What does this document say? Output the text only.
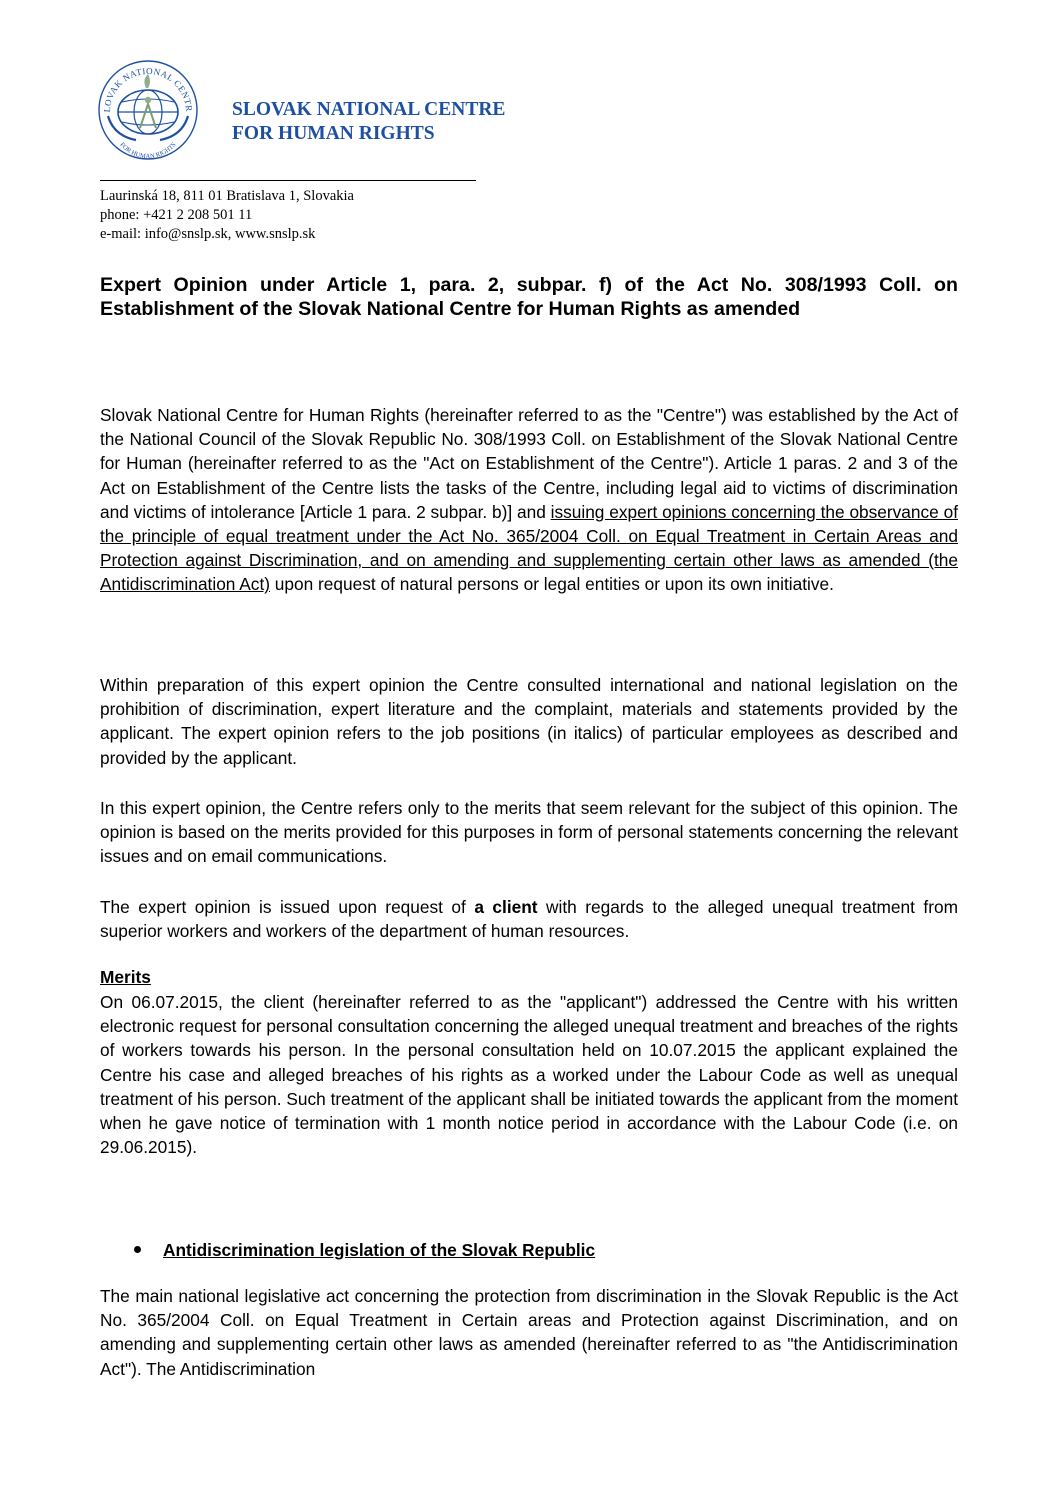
LOVAK NATIONAL CENTR
FOR HUMAN RIGHTS
SLOVAK NATIONAL CENTRE
FOR HUMAN RIGHTS
Laurinská 18, 811 01 Bratislava 1, Slovakia
phone: +421 2 208 501 11
e-mail: info@snslp.sk, www.snslp.sk
Expert Opinion under Article 1, para. 2, subpar. f) of the Act No. 308/1993 Coll. on Establishment of the Slovak National Centre for Human Rights as amended

Slovak National Centre for Human Rights (hereinafter referred to as the "Centre") was established by the Act of the National Council of the Slovak Republic No. 308/1993 Coll. on Establishment of the Slovak National Centre for Human (hereinafter referred to as the "Act on Establishment of the Centre"). Article 1 paras. 2 and 3 of the Act on Establishment of the Centre lists the tasks of the Centre, including legal aid to victims of discrimination and victims of intolerance [Article 1 para. 2 subpar. b)] and issuing expert opinions concerning the observance of the principle of equal treatment under the Act No. 365/2004 Coll. on Equal Treatment in Certain Areas and Protection against Discrimination, and on amending and supplementing certain other laws as amended (the Antidiscrimination Act) upon request of natural persons or legal entities or upon its own initiative.

Within preparation of this expert opinion the Centre consulted international and national legislation on the prohibition of discrimination, expert literature and the complaint, materials and statements provided by the applicant. The expert opinion refers to the job positions (in italics) of particular employees as described and provided by the applicant.

In this expert opinion, the Centre refers only to the merits that seem relevant for the subject of this opinion. The opinion is based on the merits provided for this purposes in form of personal statements concerning the relevant issues and on email communications.

The expert opinion is issued upon request of a client with regards to the alleged unequal treatment from superior workers and workers of the department of human resources.

Merits

On 06.07.2015, the client (hereinafter referred to as the "applicant") addressed the Centre with his written electronic request for personal consultation concerning the alleged unequal treatment and breaches of the rights of workers towards his person. In the personal consultation held on 10.07.2015 the applicant explained the Centre his case and alleged breaches of his rights as a worked under the Labour Code as well as unequal treatment of his person. Such treatment of the applicant shall be initiated towards the applicant from the moment when he gave notice of termination with 1 month notice period in accordance with the Labour Code (i.e. on 29.06.2015).

Antidiscrimination legislation of the Slovak Republic

The main national legislative act concerning the protection from discrimination in the Slovak Republic is the Act No. 365/2004 Coll. on Equal Treatment in Certain areas and Protection against Discrimination, and on amending and supplementing certain other laws as amended (hereinafter referred to as "the Antidiscrimination Act"). The Antidiscrimination
